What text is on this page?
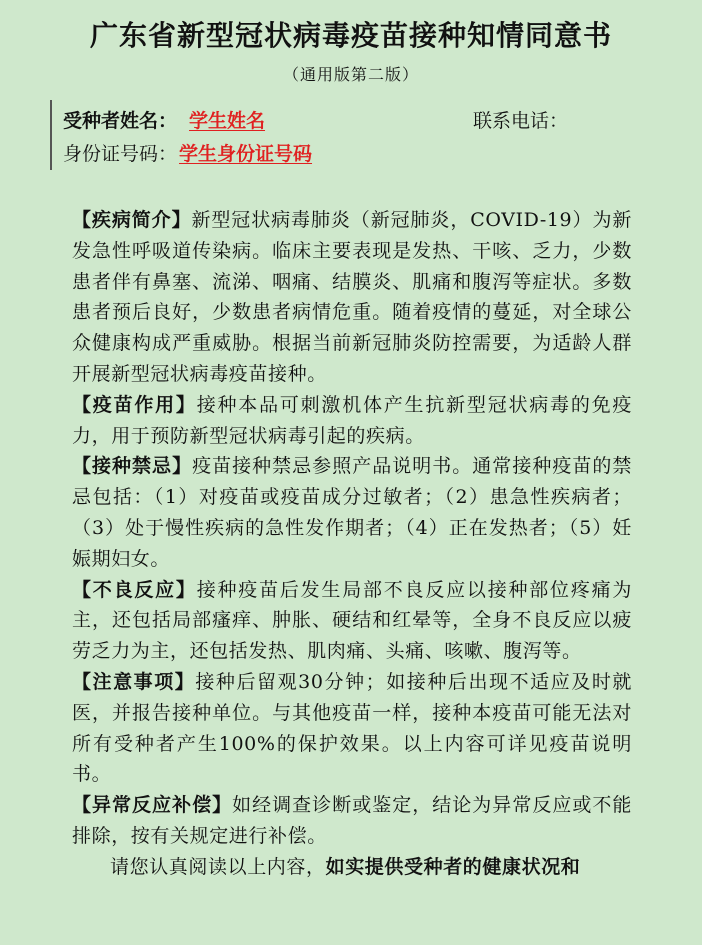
广东省新型冠状病毒疫苗接种知情同意书
（通用版第二版）
受种者姓名： 学生姓名	联系电话：
身份证号码： 学生身份证号码

【疾病简介】新型冠状病毒肺炎（新冠肺炎，COVID-19）为新发急性呼吸道传染病。临床主要表现是发热、干咳、乏力，少数患者伴有鼻塞、流涕、咽痛、结膜炎、肌痛和腹泻等症状。多数患者预后良好，少数患者病情危重。随着疫情的蔓延，对全球公众健康构成严重威胁。根据当前新冠肺炎防控需要，为适龄人群开展新型冠状病毒疫苗接种。

【疫苗作用】接种本品可刺激机体产生抗新型冠状病毒的免疫力，用于预防新型冠状病毒引起的疾病。

【接种禁忌】疫苗接种禁忌参照产品说明书。通常接种疫苗的禁忌包括：（1）对疫苗或疫苗成分过敏者；（2）患急性疾病者；（3）处于慢性疾病的急性发作期者；（4）正在发热者；（5）妊娠期妇女。

【不良反应】接种疫苗后发生局部不良反应以接种部位疼痛为主，还包括局部瘙痒、肿胀、硬结和红晕等，全身不良反应以疲劳乏力为主，还包括发热、肌肉痛、头痛、咳嗽、腹泻等。

【注意事项】接种后留观30分钟；如接种后出现不适应及时就医，并报告接种单位。与其他疫苗一样，接种本疫苗可能无法对所有受种者产生100%的保护效果。以上内容可详见疫苗说明书。

【异常反应补偿】如经调查诊断或鉴定，结论为异常反应或不能排除，按有关规定进行补偿。

请您认真阅读以上内容，如实提供受种者的健康状况和
